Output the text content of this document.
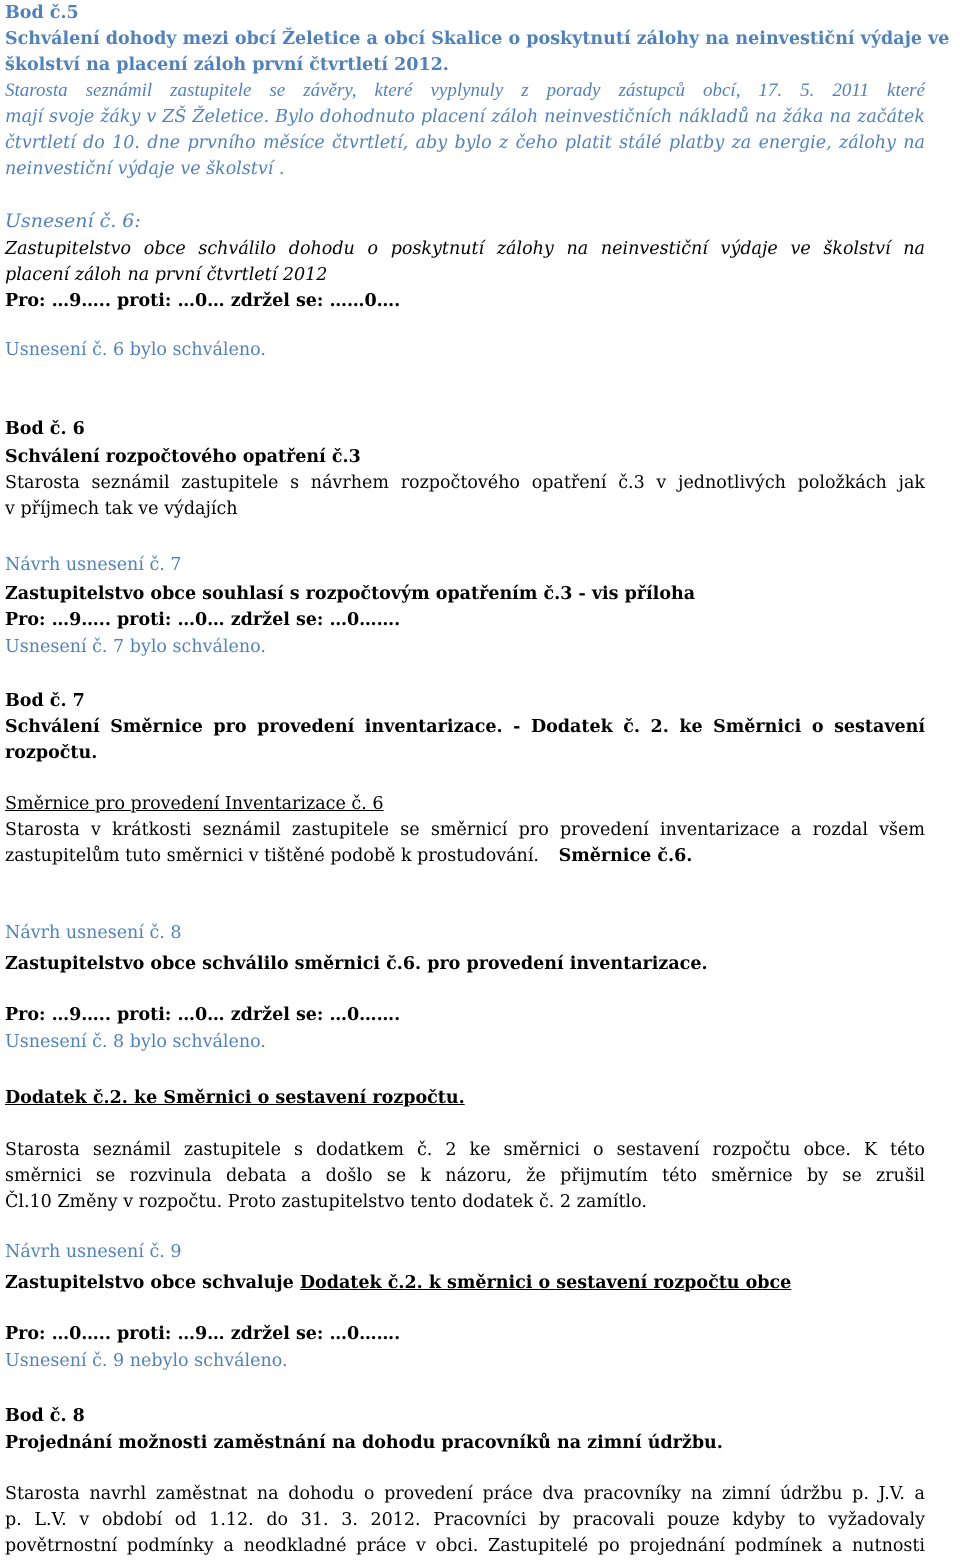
Bod č.5
Schválení dohody mezi obcí Želetice a obcí Skalice o poskytnutí zálohy na neinvestiční výdaje ve
školství na placení záloh první čtvrtletí 2012.
Starosta seznámil zastupitele se závěry, které vyplynuly z porady zástupců obcí, 17. 5. 2011 které
mají svoje žáky v ZŠ Želetice. Bylo dohodnuto placení záloh neinvestičních nákladů na žáka na začátek
čtvrtletí do 10. dne prvního měsíce čtvrtletí, aby bylo z čeho platit stálé platby za energie, zálohy na
neinvestiční výdaje ve školství .
Usnesení č. 6:
Zastupitelstvo obce schválilo dohodu o poskytnutí zálohy na neinvestiční výdaje ve školství na
placení záloh na první čtvrtletí 2012
Pro: …9….. proti: …0… zdržel se: ……0….
Usnesení č. 6 bylo schváleno.
Bod č. 6
Schválení rozpočtového opatření č.3
Starosta seznámil zastupitele s návrhem rozpočtového opatření č.3 v jednotlivých položkách jak
v příjmech tak ve výdajích
Návrh usnesení č. 7
Zastupitelstvo obce souhlasí s rozpočtovým opatřením č.3 - vis příloha
Pro: …9….. proti: …0… zdržel se: …0…….
Usnesení č. 7 bylo schváleno.
Bod č. 7
Schválení Směrnice pro provedení inventarizace. - Dodatek č. 2. ke Směrnici o sestavení
rozpočtu.
Směrnice pro provedení Inventarizace č. 6
Starosta v krátkosti seznámil zastupitele se směrnicí pro provedení inventarizace a rozdal všem
zastupitelům tuto směrnici v tištěné podobě k prostudování. Směrnice č.6.
Návrh usnesení č. 8
Zastupitelstvo obce schválilo směrnici č.6. pro provedení inventarizace.
Pro: …9….. proti: …0… zdržel se: …0…….
Usnesení č. 8 bylo schváleno.
Dodatek č.2. ke Směrnici o sestavení rozpočtu.
Starosta seznámil zastupitele s dodatkem č. 2 ke směrnici o sestavení rozpočtu obce. K této
směrnici se rozvinula debata a došlo se k názoru, že přijmutím této směrnice by se zrušil
Čl.10 Změny v rozpočtu. Proto zastupitelstvo tento dodatek č. 2 zamítlo.
Návrh usnesení č. 9
Zastupitelstvo obce schvaluje Dodatek č.2. k směrnici o sestavení rozpočtu obce
Pro: …0….. proti: …9… zdržel se: …0…….
Usnesení č. 9 nebylo schváleno.
Bod č. 8
Projednání možnosti zaměstnání na dohodu pracovníků na zimní údržbu.
Starosta navrhl zaměstnat na dohodu o provedení práce dva pracovníky na zimní údržbu p. J.V. a
p. L.V. v období od 1.12. do 31. 3. 2012. Pracovníci by pracovali pouze kdyby to vyžadovaly
povětrnostní podmínky a neodkladné práce v obci. Zastupitelé po projednání podmínek a nutnosti
